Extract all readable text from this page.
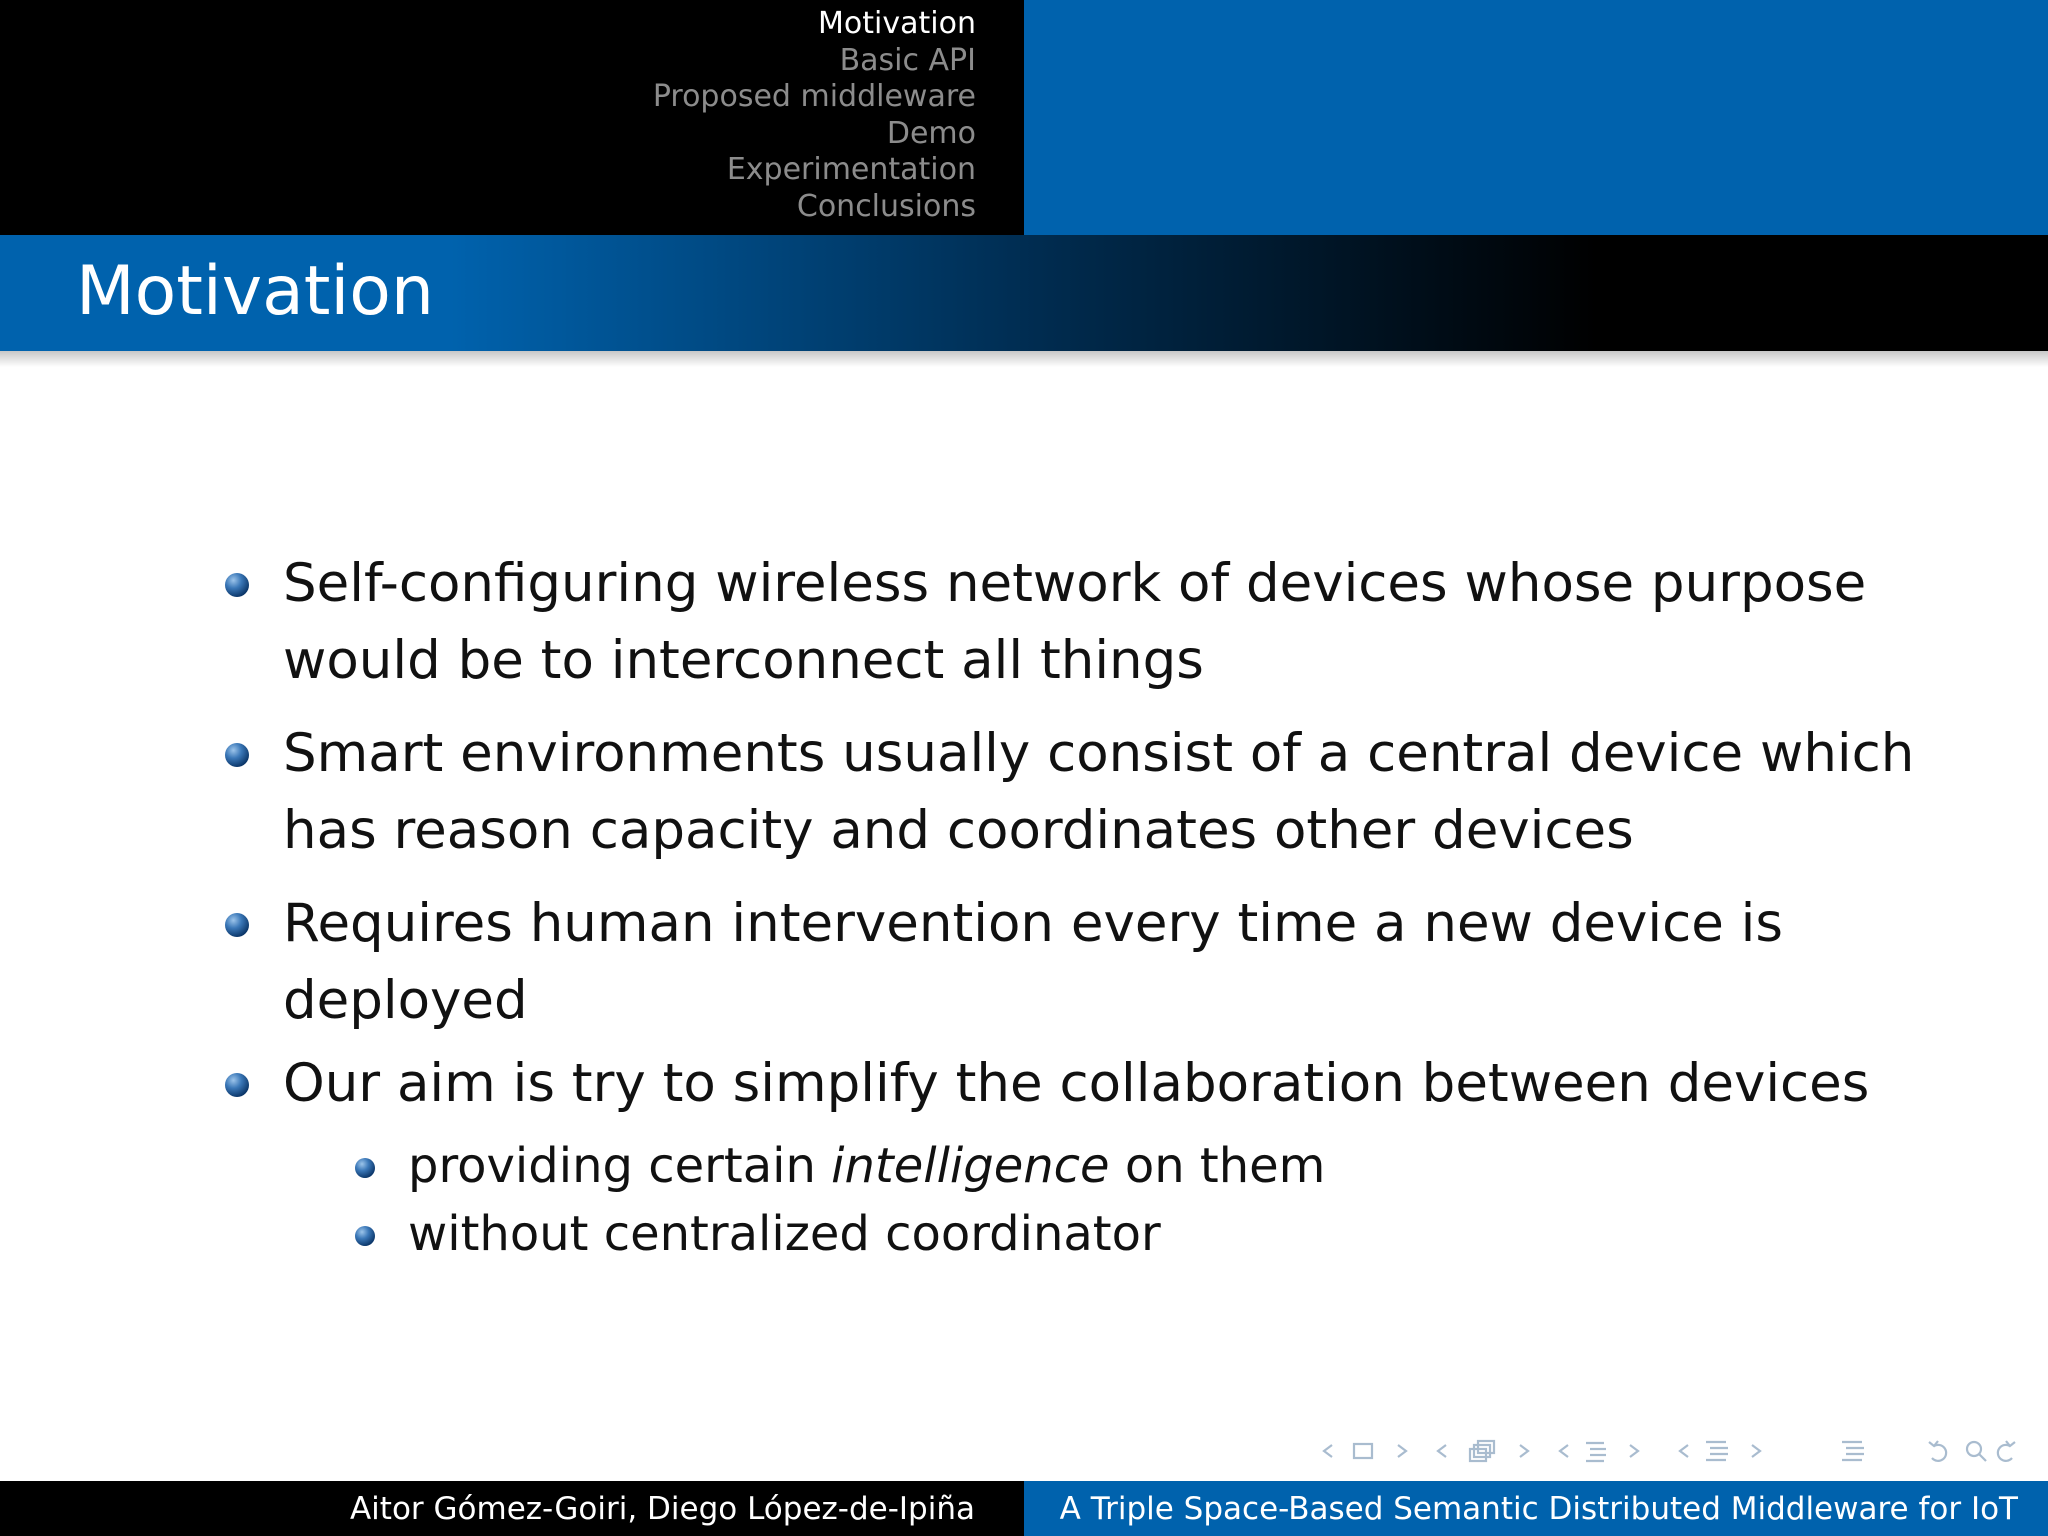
Motivation
Basic API
Proposed middleware
Demo
Experimentation
Conclusions
Motivation
Self-configuring wireless network of devices whose purpose
would be to interconnect all things
Smart environments usually consist of a central device which
has reason capacity and coordinates other devices
Requires human intervention every time a new device is
deployed
Our aim is try to simplify the collaboration between devices
providing certain intelligence on them
without centralized coordinator
Aitor Gómez-Goiri, Diego López-de-Ipiña	A Triple Space-Based Semantic Distributed Middleware for IoT
